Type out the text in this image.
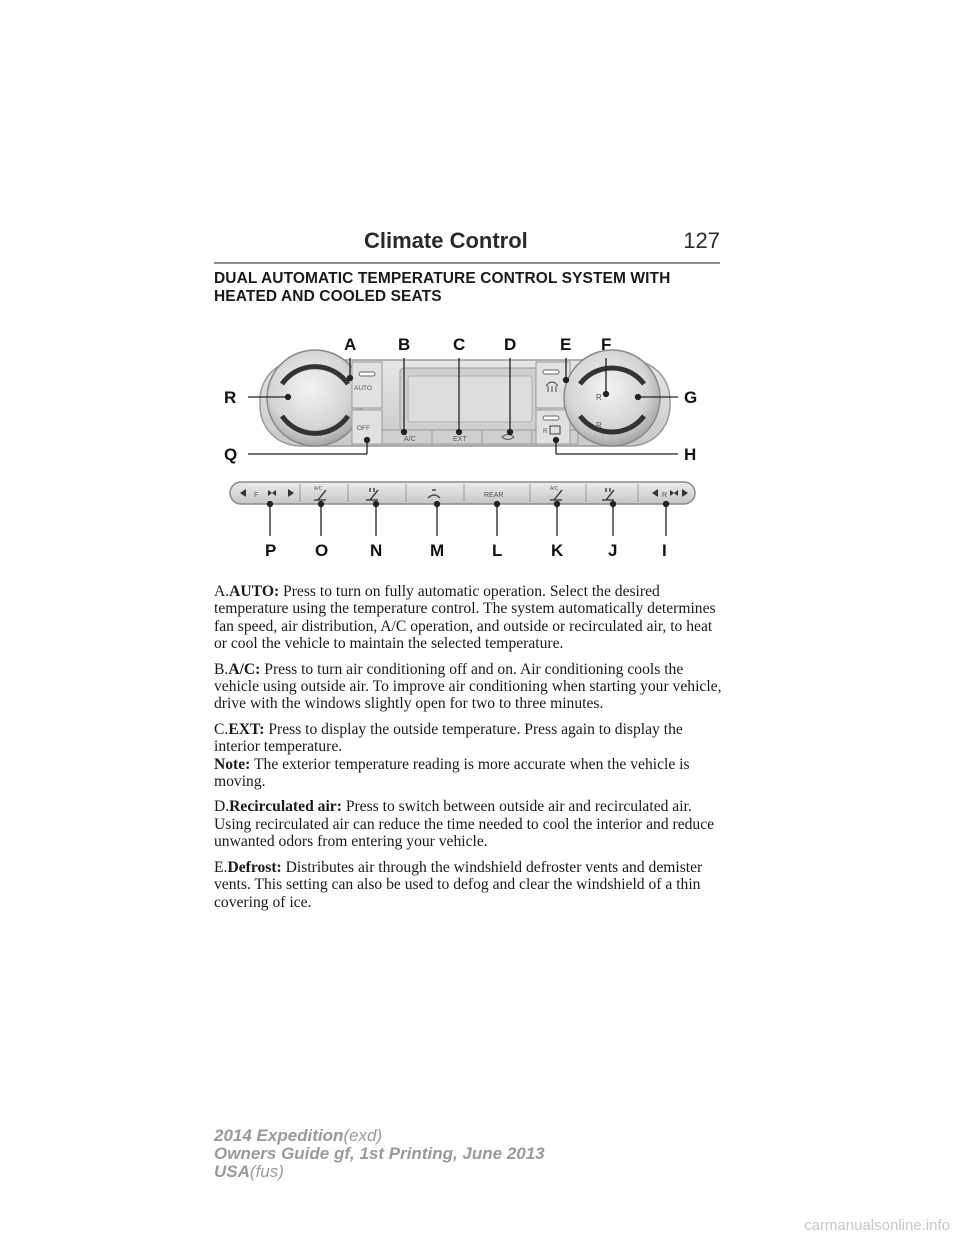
Climate Control	127
DUAL AUTOMATIC TEMPERATURE CONTROL SYSTEM WITH HEATED AND COOLED SEATS
A/C	EXT
AUTO
OFF	R
R
R
F
A/C
REAR
A/C
R
A B	C D	E F
G
H
I
J
K
L
M
N
O
P
Q
R

A.AUTO: Press to turn on fully automatic operation. Select the desired temperature using the temperature control. The system automatically determines fan speed, air distribution, A/C operation, and outside or recirculated air, to heat or cool the vehicle to maintain the selected temperature.

B.A/C: Press to turn air conditioning off and on. Air conditioning cools the vehicle using outside air. To improve air conditioning when starting your vehicle, drive with the windows slightly open for two to three minutes.

C.EXT: Press to display the outside temperature. Press again to display the interior temperature.

Note: The exterior temperature reading is more accurate when the vehicle is moving.

D.Recirculated air: Press to switch between outside air and recirculated air. Using recirculated air can reduce the time needed to cool the interior and reduce unwanted odors from entering your vehicle.

E.Defrost: Distributes air through the windshield defroster vents and demister vents. This setting can also be used to defog and clear the windshield of a thin covering of ice.

2014 Expedition(exd)
Owners Guide gf, 1st Printing, June 2013
USA(fus)
carmanualsonline.info
